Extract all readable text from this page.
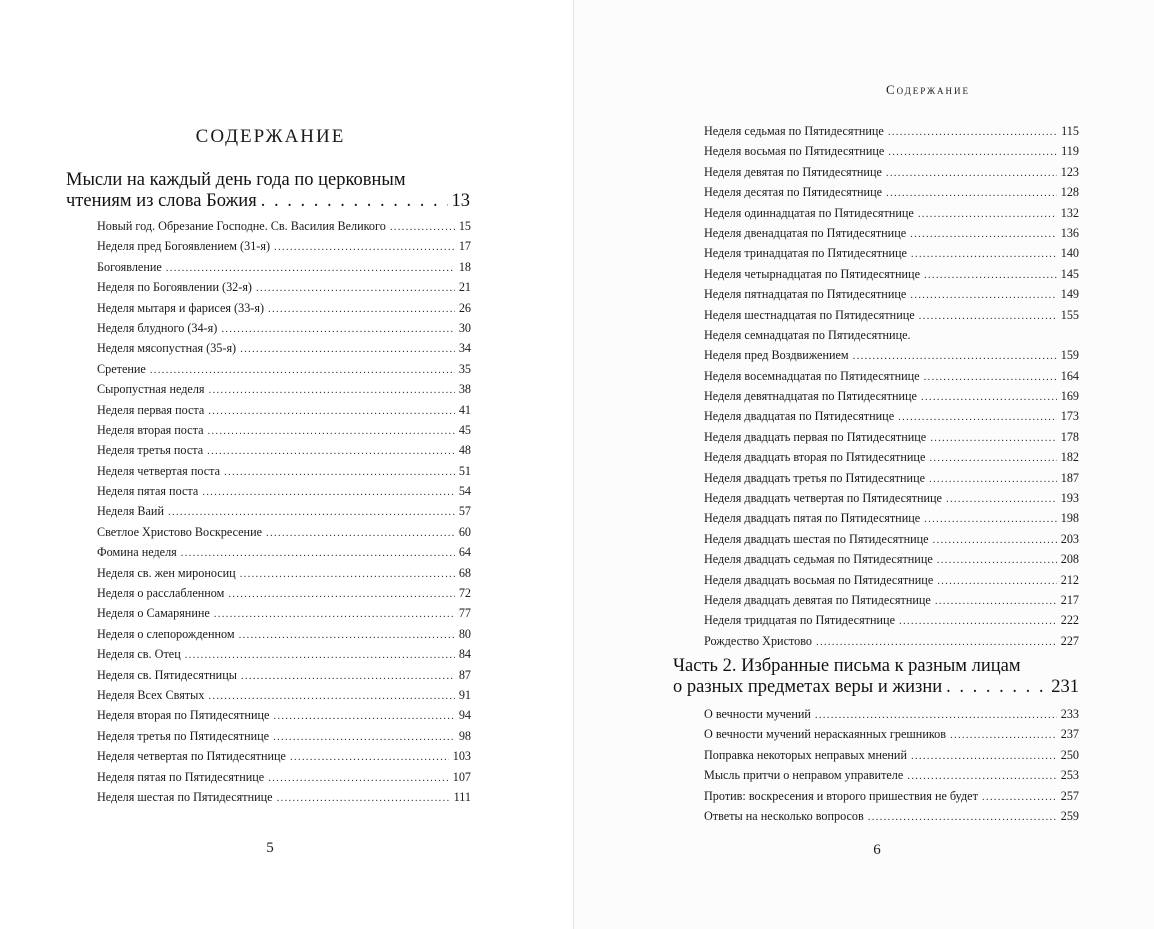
СОДЕРЖАНИЕ
Мысли на каждый день года по церковным
чтениям из слова Божия . . .	13
Новый год. Обрезание Господне. Св. Василия Великого .....	15
Неделя пред Богоявлением (31-я) .....	17
Богоявление .....	18
Неделя по Богоявлении (32-я) .....	21
Неделя мытаря и фарисея (33-я) .....	26
Неделя блудного (34-я) .....	30
Неделя мясопустная (35-я) .....	34
Сретение .....	35
Сыропустная неделя .....	38
Неделя первая поста .....	41
Неделя вторая поста .....	45
Неделя третья поста .....	48
Неделя четвертая поста .....	51
Неделя пятая поста .....	54
Неделя Ваий .....	57
Светлое Христово Воскресение .....	60
Фомина неделя .....	64
Неделя св. жен мироносиц .....	68
Неделя о расслабленном .....	72
Неделя о Самарянине .....	77
Неделя о слепорожденном .....	80
Неделя св. Отец .....	84
Неделя св. Пятидесятницы .....	87
Неделя Всех Святых .....	91
Неделя вторая по Пятидесятнице .....	94
Неделя третья по Пятидесятнице .....	98
Неделя четвертая по Пятидесятнице .....	103
Неделя пятая по Пятидесятнице .....	107
Неделя шестая по Пятидесятнице .....	111
5
Содержание
Неделя седьмая по Пятидесятнице .....	115
Неделя восьмая по Пятидесятнице .....	119
Неделя девятая по Пятидесятнице .....	123
Неделя десятая по Пятидесятнице .....	128
Неделя одиннадцатая по Пятидесятнице .....	132
Неделя двенадцатая по Пятидесятнице .....	136
Неделя тринадцатая по Пятидесятнице .....	140
Неделя четырнадцатая по Пятидесятнице .....	145
Неделя пятнадцатая по Пятидесятнице .....	149
Неделя шестнадцатая по Пятидесятнице .....	155
Неделя семнадцатая по Пятидесятнице.
Неделя пред Воздвижением .....	159
Неделя восемнадцатая по Пятидесятнице .....	164
Неделя девятнадцатая по Пятидесятнице .....	169
Неделя двадцатая по Пятидесятнице .....	173
Неделя двадцать первая по Пятидесятнице .....	178
Неделя двадцать вторая по Пятидесятнице .....	182
Неделя двадцать третья по Пятидесятнице .....	187
Неделя двадцать четвертая по Пятидесятнице .....	193
Неделя двадцать пятая по Пятидесятнице .....	198
Неделя двадцать шестая по Пятидесятнице .....	203
Неделя двадцать седьмая по Пятидесятнице .....	208
Неделя двадцать восьмая по Пятидесятнице .....	212
Неделя двадцать девятая по Пятидесятнице .....	217
Неделя тридцатая по Пятидесятнице .....	222
Рождество Христово .....	227
Часть 2. Избранные письма к разным лицам
о разных предметах веры и жизни . . .	231
О вечности мучений .....	233
О вечности мучений нераскаянных грешников .....	237
Поправка некоторых неправых мнений .....	250
Мысль притчи о неправом управителе .....	253
Против: воскресения и второго пришествия не будет .....	257
Ответы на несколько вопросов .....	259
6
